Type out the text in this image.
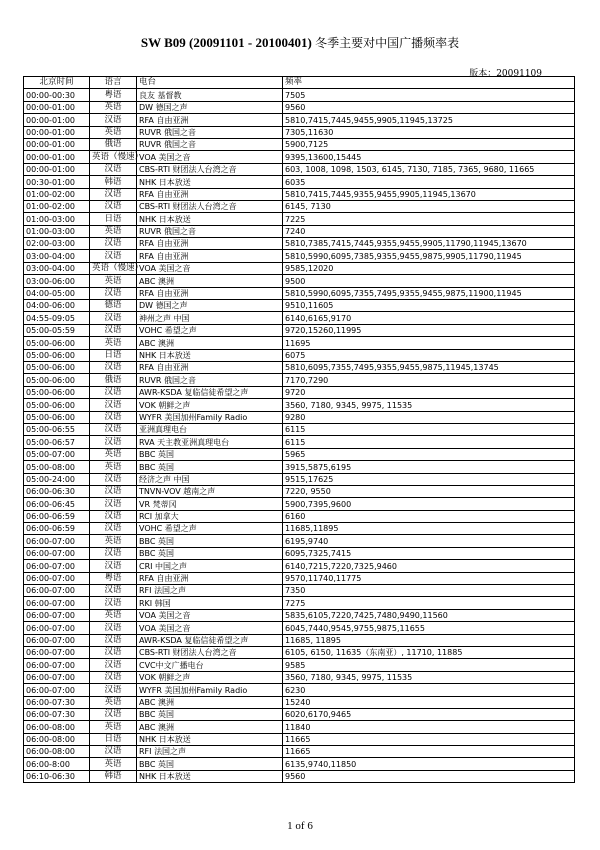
SW B09 (20091101 - 20100401) 冬季主要对中国广播频率表
版本：20091109
北京时间	语言	电台	频率
00:00-00:30	粤语	良友 基督教	7505
00:00-01:00	英语	DW 德国之声	9560
00:00-01:00	汉语	RFA 自由亚洲	5810,7415,7445,9455,9905,11945,13725
00:00-01:00	英语	RUVR 俄国之音	7305,11630
00:00-01:00	俄语	RUVR 俄国之音	5900,7125
00:00-01:00	英语（慢速）	VOA 美国之音	9395,13600,15445
00:00-01:00	汉语	CBS-RTI 财团法人台湾之音	603, 1008, 1098, 1503, 6145, 7130, 7185, 7365, 9680, 11665
00:30-01:00	韩语	NHK 日本放送	6035
01:00-02:00	汉语	RFA 自由亚洲	5810,7415,7445,9355,9455,9905,11945,13670
01:00-02:00	汉语	CBS-RTI 财团法人台湾之音	6145, 7130
01:00-03:00	日语	NHK 日本放送	7225
01:00-03:00	英语	RUVR 俄国之音	7240
02:00-03:00	汉语	RFA 自由亚洲	5810,7385,7415,7445,9355,9455,9905,11790,11945,13670
03:00-04:00	汉语	RFA 自由亚洲	5810,5990,6095,7385,9355,9455,9875,9905,11790,11945
03:00-04:00	英语（慢速）	VOA 美国之音	9585,12020
03:00-06:00	英语	ABC 澳洲	9500
04:00-05:00	汉语	RFA 自由亚洲	5810,5990,6095,7355,7495,9355,9455,9875,11900,11945
04:00-06:00	德语	DW 德国之声	9510,11605
04:55-09:05	汉语	神州之声 中国	6140,6165,9170
05:00-05:59	汉语	VOHC 希望之声	9720,15260,11995
05:00-06:00	英语	ABC 澳洲	11695
05:00-06:00	日语	NHK 日本放送	6075
05:00-06:00	汉语	RFA 自由亚洲	5810,6095,7355,7495,9355,9455,9875,11945,13745
05:00-06:00	俄语	RUVR 俄国之音	7170,7290
05:00-06:00	汉语	AWR-KSDA 复临信徒希望之声	9720
05:00-06:00	汉语	VOK 朝鲜之声	3560, 7180, 9345, 9975, 11535
05:00-06:00	汉语	WYFR 美国加州Family Radio	9280
05:00-06:55	汉语	亚洲真理电台	6115
05:00-06:57	汉语	RVA 天主教亚洲真理电台	6115
05:00-07:00	英语	BBC 英国	5965
05:00-08:00	英语	BBC 英国	3915,5875,6195
05:00-24:00	汉语	经济之声 中国	9515,17625
06:00-06:30	汉语	TNVN-VOV 越南之声	7220, 9550
06:00-06:45	汉语	VR 梵蒂冈	5900,7395,9600
06:00-06:59	汉语	RCI 加拿大	6160
06:00-06:59	汉语	VOHC 希望之声	11685,11895
06:00-07:00	英语	BBC 英国	6195,9740
06:00-07:00	汉语	BBC 英国	6095,7325,7415
06:00-07:00	汉语	CRI 中国之声	6140,7215,7220,7325,9460
06:00-07:00	粤语	RFA 自由亚洲	9570,11740,11775
06:00-07:00	汉语	RFI 法国之声	7350
06:00-07:00	汉语	RKI 韩国	7275
06:00-07:00	英语	VOA 美国之音	5835,6105,7220,7425,7480,9490,11560
06:00-07:00	汉语	VOA 美国之音	6045,7440,9545,9755,9875,11655
06:00-07:00	汉语	AWR-KSDA 复临信徒希望之声	11685, 11895
06:00-07:00	汉语	CBS-RTI 财团法人台湾之音	6105, 6150, 11635（东南亚）, 11710, 11885
06:00-07:00	汉语	CVC中文广播电台	9585
06:00-07:00	汉语	VOK 朝鲜之声	3560, 7180, 9345, 9975, 11535
06:00-07:00	汉语	WYFR 美国加州Family Radio	6230
06:00-07:30	英语	ABC 澳洲	15240
06:00-07:30	汉语	BBC 英国	6020,6170,9465
06:00-08:00	英语	ABC 澳洲	11840
06:00-08:00	日语	NHK 日本放送	11665
06:00-08:00	汉语	RFI 法国之声	11665
06:00-8:00	英语	BBC 英国	6135,9740,11850
06:10-06:30	韩语	NHK 日本放送	9560
1 of 6
